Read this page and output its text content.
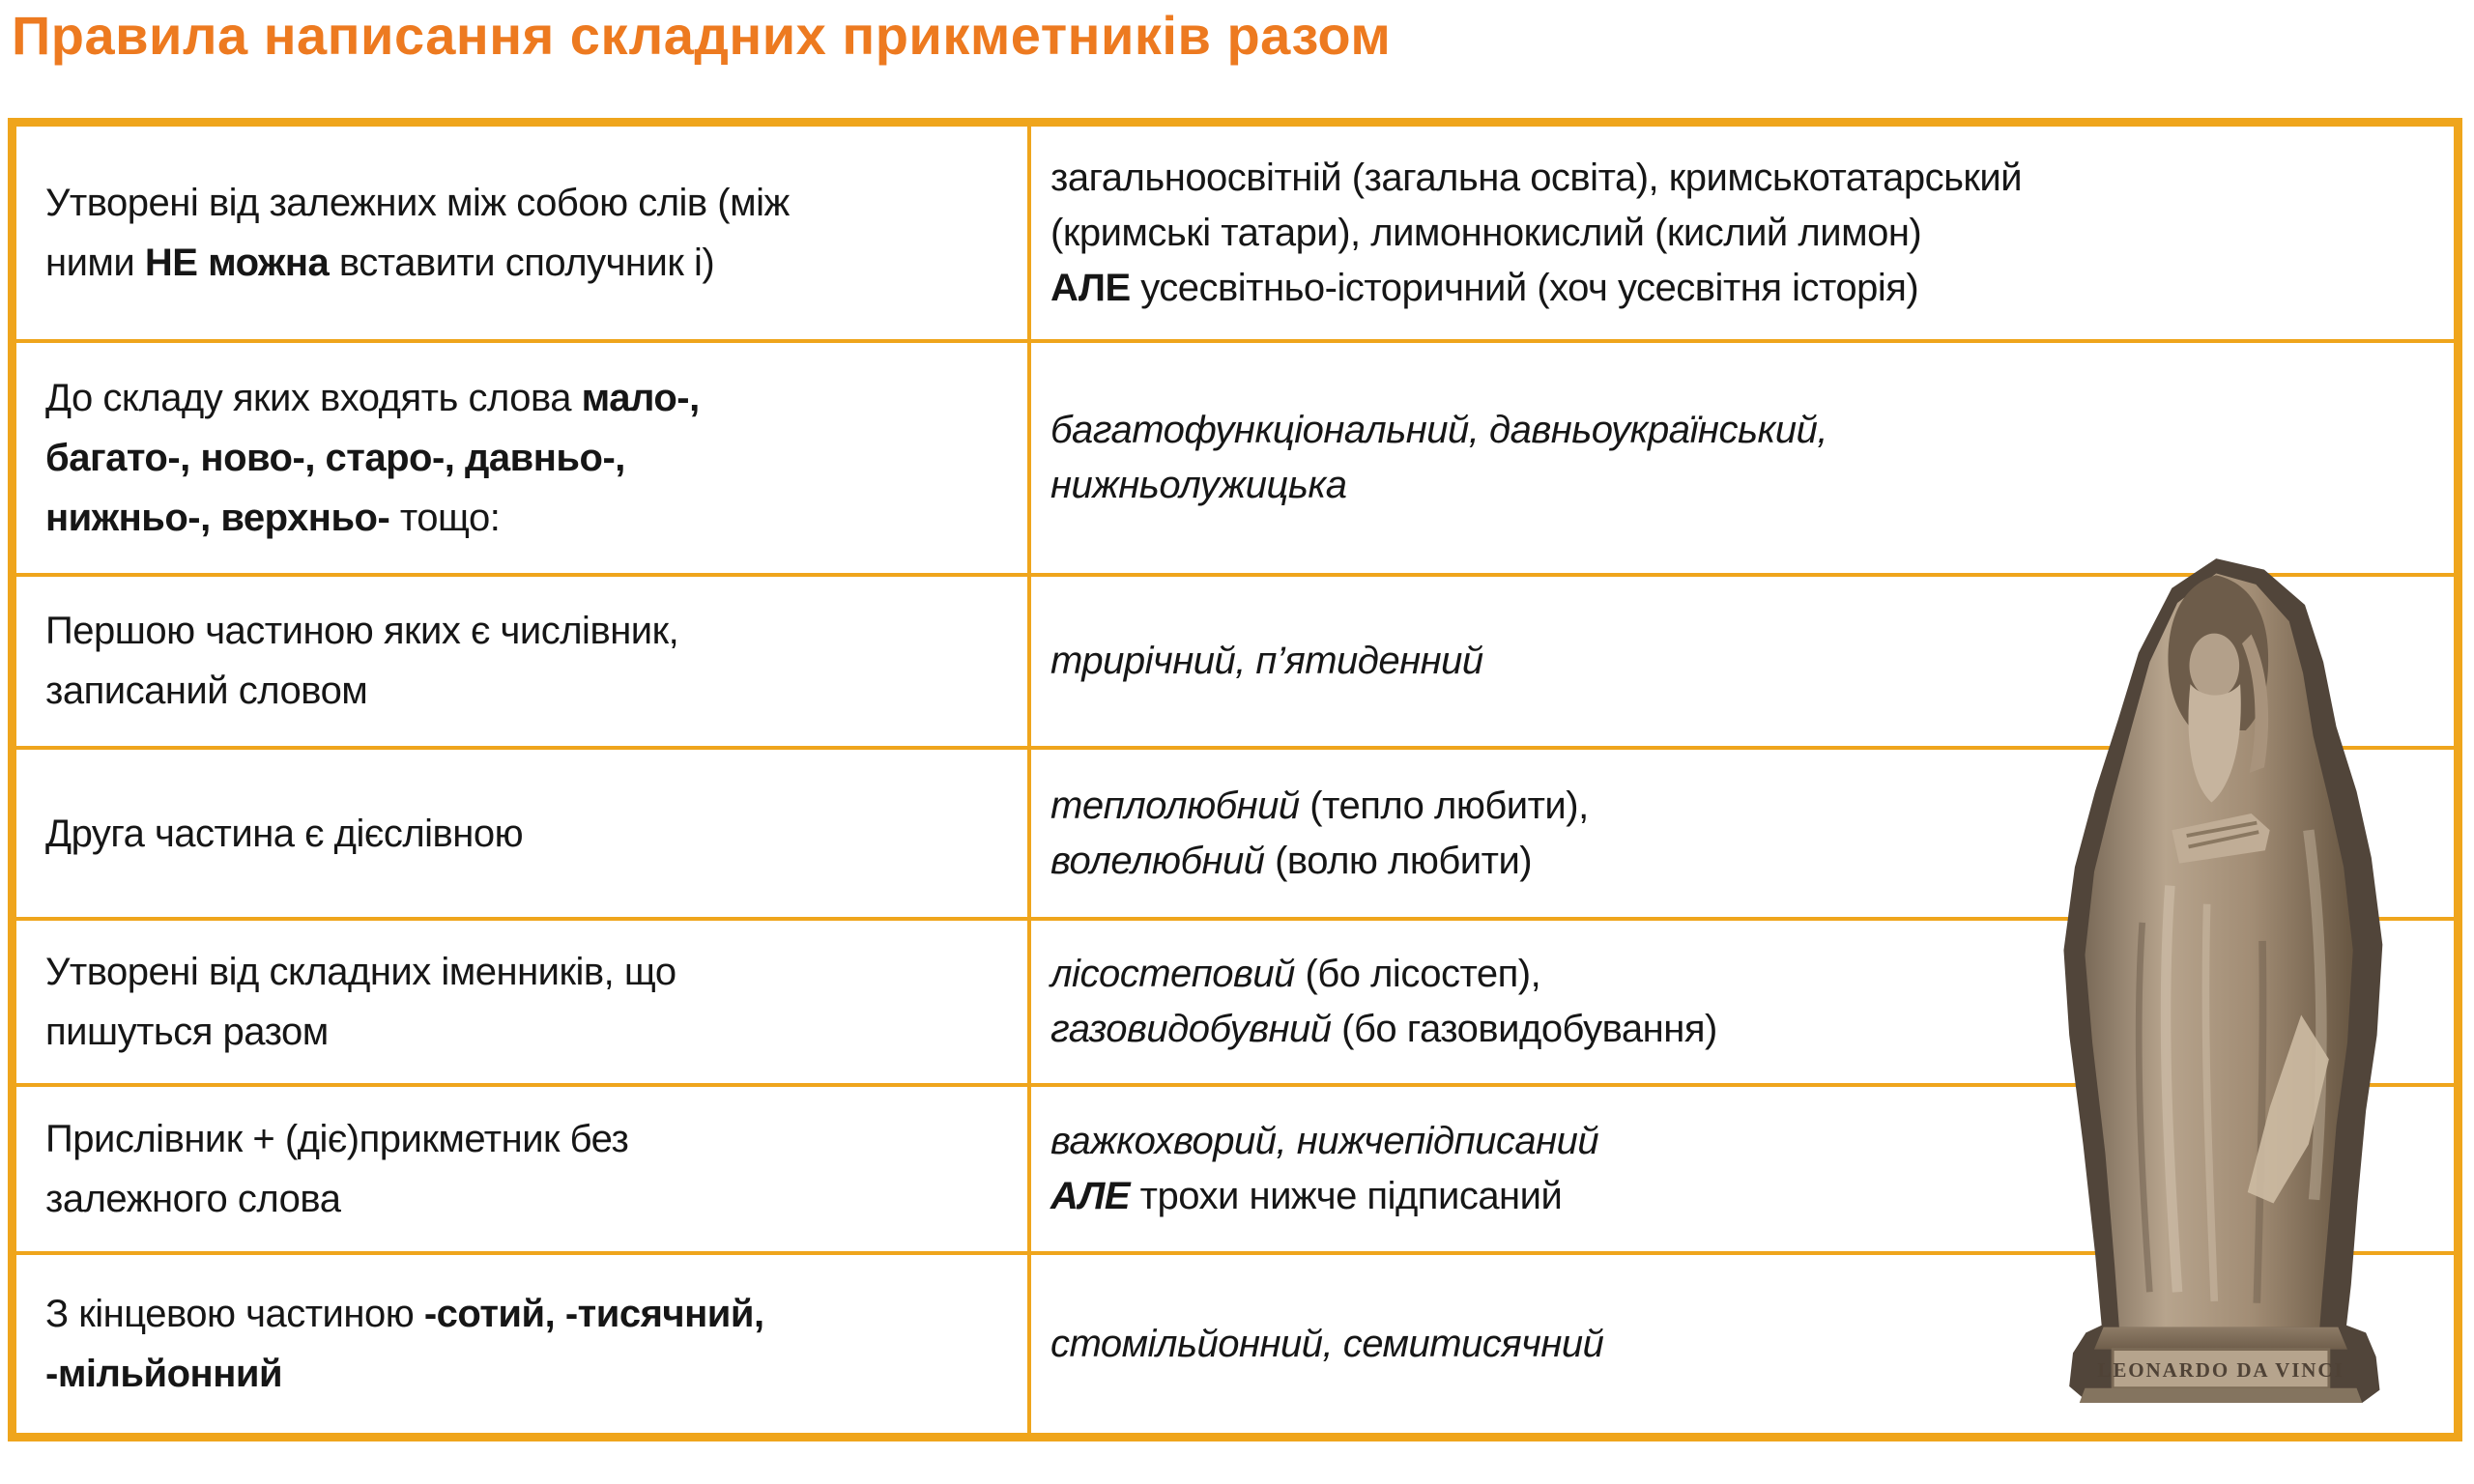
Правила написання складних прикметників разом
Утворені від залежних між собою слів (між
ними НЕ можна вставити сполучник і)
загальноосвітній (загальна освіта), кримськотатарський
(кримські татари), лимоннокислий (кислий лимон)
АЛЕ усесвітньо-історичний (хоч усесвітня історія)
До складу яких входять слова мало-,
багато-, ново-, старо-, давньо-,
нижньо-, верхньо- тощо:
багатофункціональний, давньоукраїнський,
нижньолужицька
Першою частиною яких є числівник,
записаний словом
трирічний, п’ятиденний
Друга частина є дієслівною
теплолюбний (тепло любити),
волелюбний (волю любити)
Утворені від складних іменників, що
пишуться разом
лісостеповий (бо лісостеп),
газовидобувний (бо газовидобування)
Прислівник + (діє)прикметник без
залежного слова
важкохворий, нижчепідписаний
АЛЕ трохи нижче підписаний
З кінцевою частиною -сотий, -тисячний,
-мільйонний
стомільйонний, семитисячний
LEONARDO DA VINCI
